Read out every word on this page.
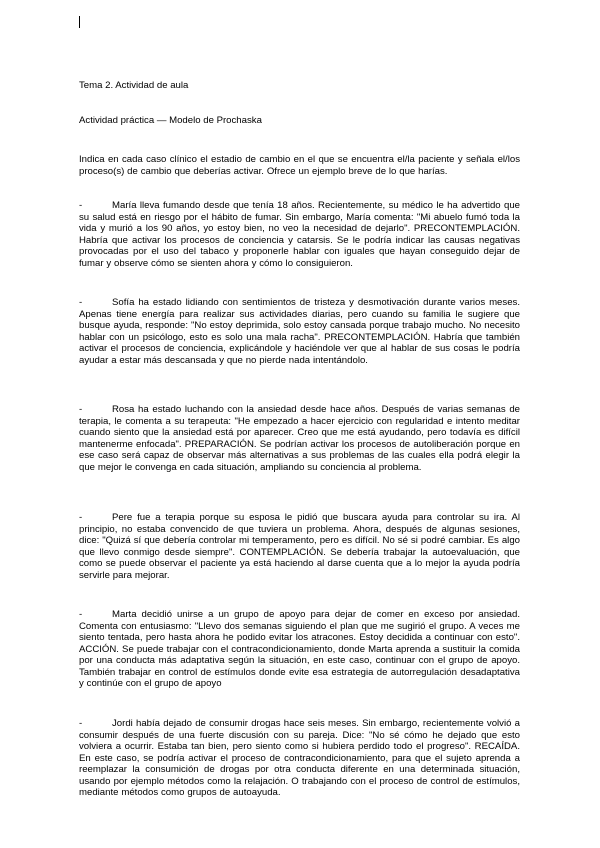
Tema 2. Actividad de aula
Actividad práctica — Modelo de Prochaska
Indica en cada caso clínico el estadio de cambio en el que se encuentra el/la paciente y señala el/los proceso(s) de cambio que deberías activar. Ofrece un ejemplo breve de lo que harías.
-	María lleva fumando desde que tenía 18 años. Recientemente, su médico le ha advertido que su salud está en riesgo por el hábito de fumar. Sin embargo, María comenta: "Mi abuelo fumó toda la vida y murió a los 90 años, yo estoy bien, no veo la necesidad de dejarlo". PRECONTEMPLACIÓN. Habría que activar los procesos de conciencia y catarsis. Se le podría indicar las causas negativas provocadas por el uso del tabaco y proponerle hablar con iguales que hayan conseguido dejar de fumar y observe cómo se sienten ahora y cómo lo consiguieron.
-	Sofía ha estado lidiando con sentimientos de tristeza y desmotivación durante varios meses. Apenas tiene energía para realizar sus actividades diarias, pero cuando su familia le sugiere que busque ayuda, responde: "No estoy deprimida, solo estoy cansada porque trabajo mucho. No necesito hablar con un psicólogo, esto es solo una mala racha". PRECONTEMPLACIÓN. Habría que también activar el procesos de conciencia, explicándole y haciéndole ver que al hablar de sus cosas le podría ayudar a estar más descansada y que no pierde nada intentándolo.
-	Rosa ha estado luchando con la ansiedad desde hace años. Después de varias semanas de terapia, le comenta a su terapeuta: "He empezado a hacer ejercicio con regularidad e intento meditar cuando siento que la ansiedad está por aparecer. Creo que me está ayudando, pero todavía es difícil mantenerme enfocada". PREPARACIÓN. Se podrían activar los procesos de autoliberación porque en ese caso será capaz de observar más alternativas a sus problemas de las cuales ella podrá elegir la que mejor le convenga en cada situación, ampliando su conciencia al problema.
-	Pere fue a terapia porque su esposa le pidió que buscara ayuda para controlar su ira. Al principio, no estaba convencido de que tuviera un problema. Ahora, después de algunas sesiones, dice: "Quizá sí que debería controlar mi temperamento, pero es difícil. No sé si podré cambiar. Es algo que llevo conmigo desde siempre". CONTEMPLACIÓN. Se debería trabajar la autoevaluación, que como se puede observar el paciente ya está haciendo al darse cuenta que a lo mejor la ayuda podría servirle para mejorar.
-	Marta decidió unirse a un grupo de apoyo para dejar de comer en exceso por ansiedad. Comenta con entusiasmo: "Llevo dos semanas siguiendo el plan que me sugirió el grupo. A veces me siento tentada, pero hasta ahora he podido evitar los atracones. Estoy decidida a continuar con esto". ACCIÓN. Se puede trabajar con el contracondicionamiento, donde Marta aprenda a sustituir la comida por una conducta más adaptativa según la situación, en este caso, continuar con el grupo de apoyo. También trabajar en control de estímulos donde evite esa estrategia de autorregulación desadaptativa y continúe con el grupo de apoyo
-	Jordi había dejado de consumir drogas hace seis meses. Sin embargo, recientemente volvió a consumir después de una fuerte discusión con su pareja. Dice: "No sé cómo he dejado que esto volviera a ocurrir. Estaba tan bien, pero siento como si hubiera perdido todo el progreso". RECAÍDA. En este caso, se podría activar el proceso de contracondicionamiento, para que el sujeto aprenda a reemplazar la consumición de drogas por otra conducta diferente en una determinada situación, usando por ejemplo métodos como la relajación. O trabajando con el proceso de control de estímulos, mediante métodos como grupos de autoayuda.
